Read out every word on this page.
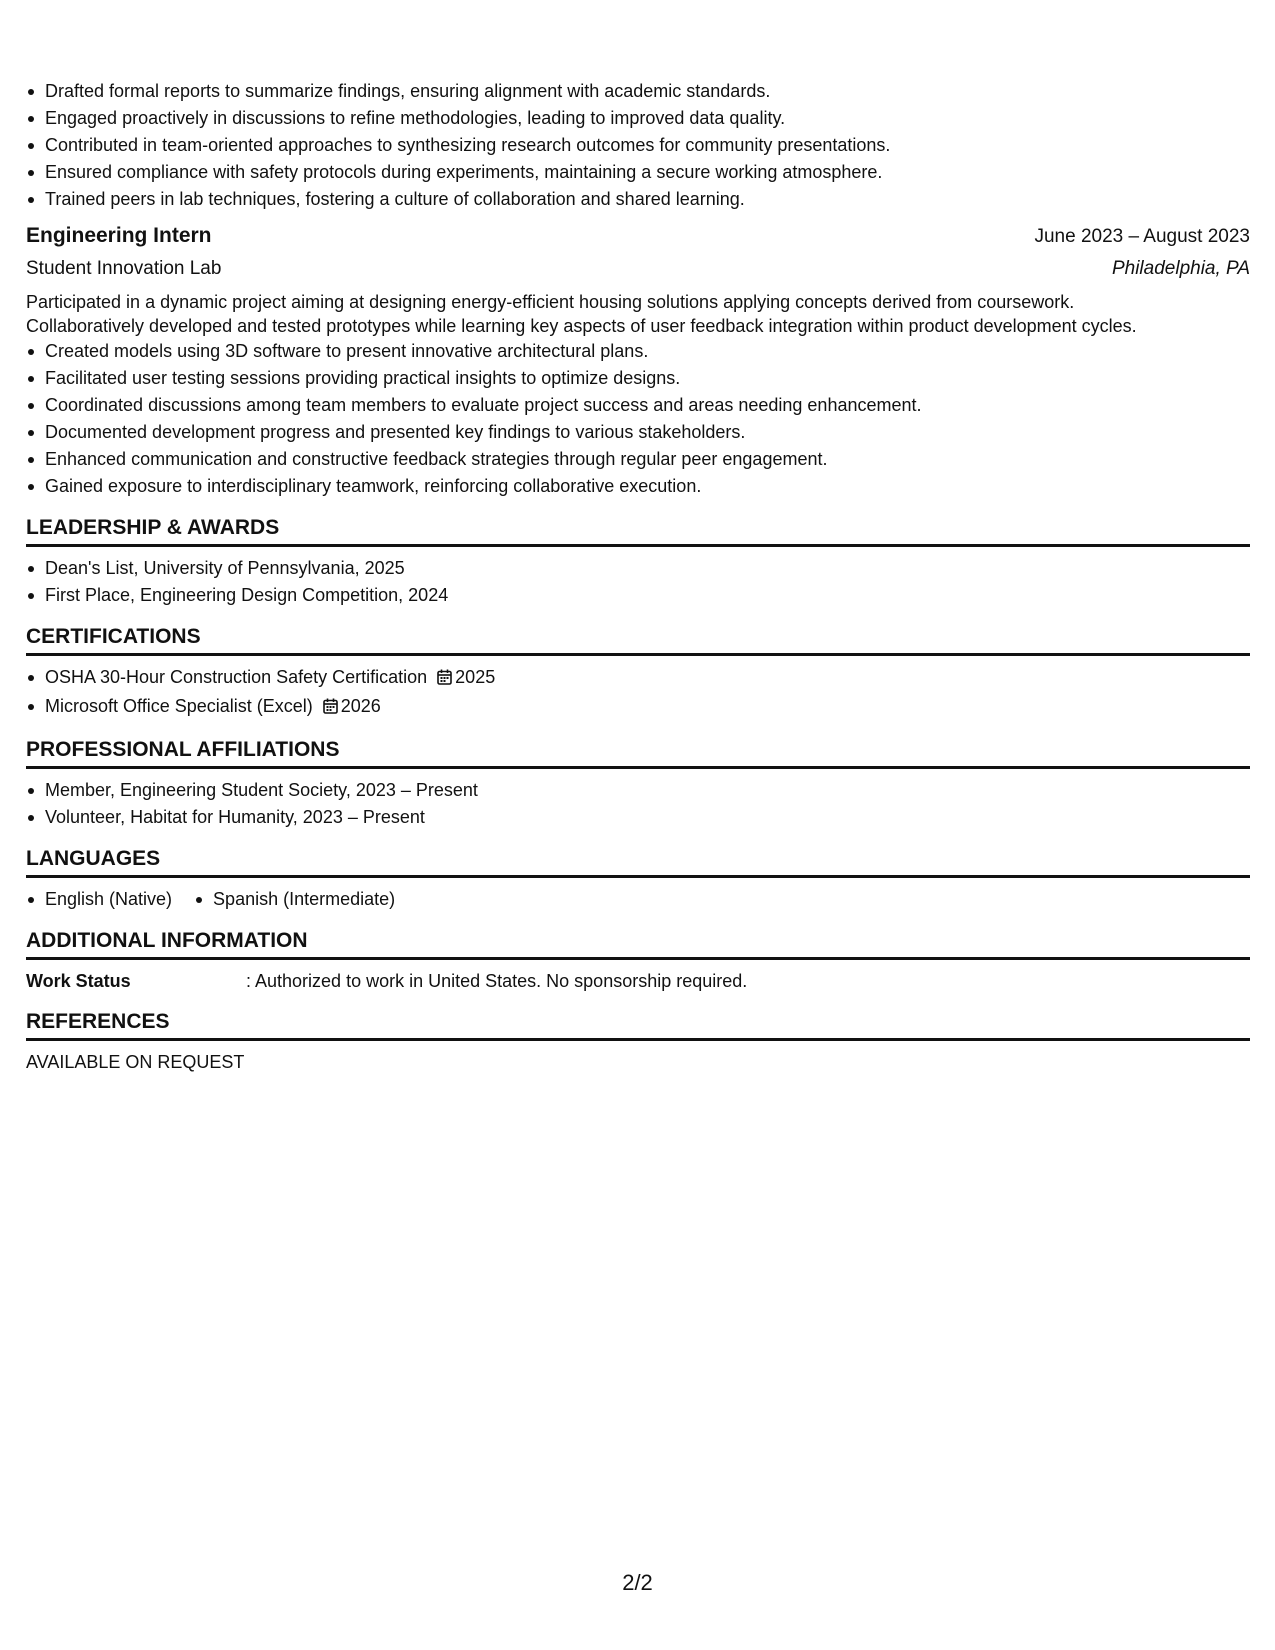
Drafted formal reports to summarize findings, ensuring alignment with academic standards.
Engaged proactively in discussions to refine methodologies, leading to improved data quality.
Contributed in team-oriented approaches to synthesizing research outcomes for community presentations.
Ensured compliance with safety protocols during experiments, maintaining a secure working atmosphere.
Trained peers in lab techniques, fostering a culture of collaboration and shared learning.
Engineering Intern	June 2023 – August 2023
Student Innovation Lab	Philadelphia, PA
Participated in a dynamic project aiming at designing energy-efficient housing solutions applying concepts derived from coursework.
Collaboratively developed and tested prototypes while learning key aspects of user feedback integration within product development cycles.
Created models using 3D software to present innovative architectural plans.
Facilitated user testing sessions providing practical insights to optimize designs.
Coordinated discussions among team members to evaluate project success and areas needing enhancement.
Documented development progress and presented key findings to various stakeholders.
Enhanced communication and constructive feedback strategies through regular peer engagement.
Gained exposure to interdisciplinary teamwork, reinforcing collaborative execution.
LEADERSHIP & AWARDS
Dean's List, University of Pennsylvania, 2025
First Place, Engineering Design Competition, 2024
CERTIFICATIONS
OSHA 30-Hour Construction Safety Certification 2025
Microsoft Office Specialist (Excel) 2026
PROFESSIONAL AFFILIATIONS
Member, Engineering Student Society, 2023 – Present
Volunteer, Habitat for Humanity, 2023 – Present
LANGUAGES
English (Native)	Spanish (Intermediate)
ADDITIONAL INFORMATION
Work Status	: Authorized to work in United States. No sponsorship required.
REFERENCES
AVAILABLE ON REQUEST
2/2
